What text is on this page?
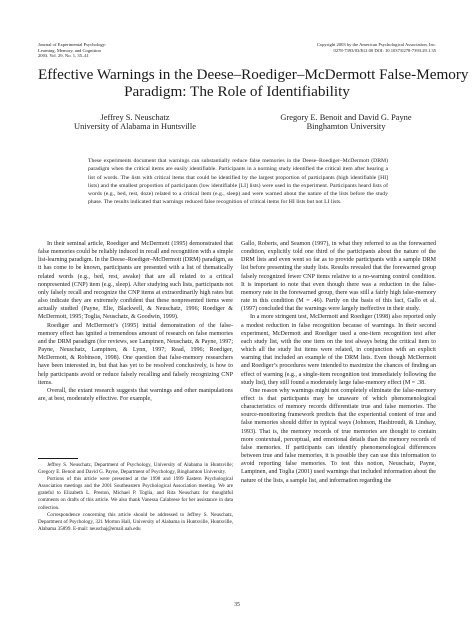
Journal of Experimental Psychology:
Learning, Memory, and Cognition
2003, Vol. 29, No. 1, 35–41
Copyright 2003 by the American Psychological Association, Inc.
0278-7393/03/$12.00 DOI: 10.1037/0278-7393.29.1.35
Effective Warnings in the Deese–Roediger–McDermott False-Memory
Paradigm: The Role of Identifiability
Jeffrey S. Neuschatz
University of Alabama in Huntsville
Gregory E. Benoit and David G. Payne
Binghamton University
These experiments document that warnings can substantially reduce false memories in the Deese–Roediger–McDermott (DRM) paradigm when the critical items are easily identifiable. Participants in a norming study identified the critical item after hearing a list of words. The lists with critical items that could be identified by the largest proportion of participants (high identifiable [HI] lists) and the smallest proportion of participants (low identifiable [LI] lists) were used in the experiment. Participants heard lists of words (e.g., bed, rest, doze) related to a critical item (e.g., sleep) and were warned about the nature of the lists before the study phase. The results indicated that warnings reduced false recognition of critical items for HI lists but not LI lists.

In their seminal article, Roediger and McDermott (1995) demonstrated that false memories could be reliably induced in recall and recognition with a simple list-learning paradigm. In the Deese–Roediger–McDermott (DRM) paradigm, as it has come to be known, participants are presented with a list of thematically related words (e.g., bed, rest, awake) that are all related to a critical nonpresented (CNP) item (e.g., sleep). After studying such lists, participants not only falsely recall and recognize the CNP items at extraordinarily high rates but also indicate they are extremely confident that these nonpresented items were actually studied (Payne, Elie, Blackwell, & Neuschatz, 1996; Roediger & McDermott, 1995; Toglia, Neuschatz, & Goodwin, 1999).

Roediger and McDermott’s (1995) initial demonstration of the false-memory effect has ignited a tremendous amount of research on false memories and the DRM paradigm (for reviews, see Lampinen, Neuschatz, & Payne, 1997; Payne, Neuschatz, Lampinen, & Lynn, 1997; Read, 1996; Roediger, McDermott, & Robinson, 1998). One question that false-memory researchers have been interested in, but that has yet to be resolved conclusively, is how to help participants avoid or reduce falsely recalling and falsely recognizing CNP items.

Overall, the extant research suggests that warnings and other manipulations are, at best, moderately effective. For example,

Jeffrey S. Neuschatz, Department of Psychology, University of Alabama in Huntsville; Gregory E. Benoit and David G. Payne, Department of Psychology, Binghamton University.

Portions of this article were presented at the 1998 and 1999 Eastern Psychological Association meetings and the 2001 Southeastern Psychological Association meeting. We are grateful to Elizabeth L. Preston, Michael P. Toglia, and Rita Neuschatz for thoughtful comments on drafts of this article. We also thank Vanessa Calabrese for her assistance in data collection.

Correspondence concerning this article should be addressed to Jeffrey S. Neuschatz, Department of Psychology, 321 Morton Hall, University of Alabama in Huntsville, Huntsville, Alabama 35899. E-mail: neuschaj@email.uah.edu

Gallo, Roberts, and Seamon (1997), in what they referred to as the forewarned condition, explicitly told one third of the participants about the nature of the DRM lists and even went so far as to provide participants with a sample DRM list before presenting the study lists. Results revealed that the forewarned group falsely recognized fewer CNP items relative to a no-warning control condition. It is important to note that even though there was a reduction in the false-memory rate in the forewarned group, there was still a fairly high false-memory rate in this condition (M = .46). Partly on the basis of this fact, Gallo et al. (1997) concluded that the warnings were largely ineffective in their study.

In a more stringent test, McDermott and Roediger (1998) also reported only a modest reduction in false recognition because of warnings. In their second experiment, McDermott and Roediger used a one-item recognition test after each study list, with the one item on the test always being the critical item to which all the study list items were related, in conjunction with an explicit warning that included an example of the DRM lists. Even though McDermott and Roediger’s procedures were intended to maximize the chances of finding an effect of warning (e.g., a single-item recognition test immediately following the study list), they still found a moderately large false-memory effect (M = .38.

One reason why warnings might not completely eliminate the false-memory effect is that participants may be unaware of which phenomenological characteristics of memory records differentiate true and false memories. The source-monitoring framework predicts that the experiential content of true and false memories should differ in typical ways (Johnson, Hashtroudi, & Lindsay, 1993). That is, the memory records of true memories are thought to contain more contextual, perceptual, and emotional details than the memory records of false memories. If participants can identify phenomenological differences between true and false memories, it is possible they can use this information to avoid reporting false memories. To test this notion, Neuschatz, Payne, Lampinen, and Toglia (2001) used warnings that included information about the nature of the lists, a sample list, and information regarding the

35
